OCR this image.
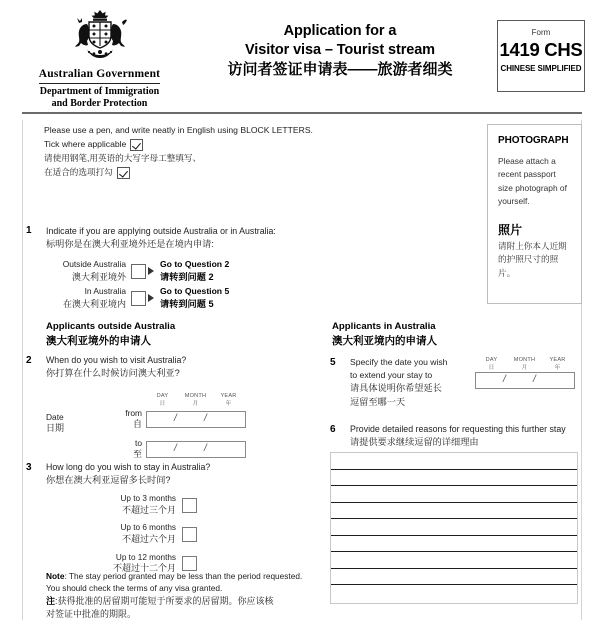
Australian Government
Department of Immigration
and Border Protection
Application for a
Visitor visa – Tourist stream
访问者签证申请表——旅游者细类
Form
1419 CHS
CHINESE SIMPLIFIED
Please use a pen, and write neatly in English using BLOCK LETTERS.
Tick where applicable
请使用钢笔,用英语的大写字母工整填写、
在适合的选项打勾
PHOTOGRAPH
Please attach a recent passport size photograph of yourself.
照片
请附上你本人近期的护照尺寸的照片。
1 Indicate if you are applying outside Australia or in Australia:
标明你是在澳大利亚境外还是在境内申请:
Outside Australia
澳大利亚境外
Go to Question 2
请转到问题 2
In Australia
在澳大利亚境内
Go to Question 5
请转到问题 5
Applicants outside Australia
澳大利亚境外的申请人
Applicants in Australia
澳大利亚境内的申请人
2 When do you wish to visit Australia?
你打算在什么时候访问澳大利亚?
Date
日期
DAY
日
MONTH
月
YEAR
年
from
自
/ /
to
至
/ /
3 How long do you wish to stay in Australia?
你想在澳大利亚逗留多长时间?
Up to 3 months
不超过三个月
Up to 6 months
不超过六个月
Up to 12 months
不超过十二个月
Note: The stay period granted may be less than the period requested.
You should check the terms of any visa granted.
注:获得批准的居留期可能短于所要求的居留期。你应该核
对签证中批准的期限。
5 Specify the date you wish
to extend your stay to
请具体说明你希望延长
逗留至哪一天
DAY
日
MONTH
月
YEAR
年
/ /
6 Provide detailed reasons for requesting this further stay
请提供要求继续逗留的详细理由
